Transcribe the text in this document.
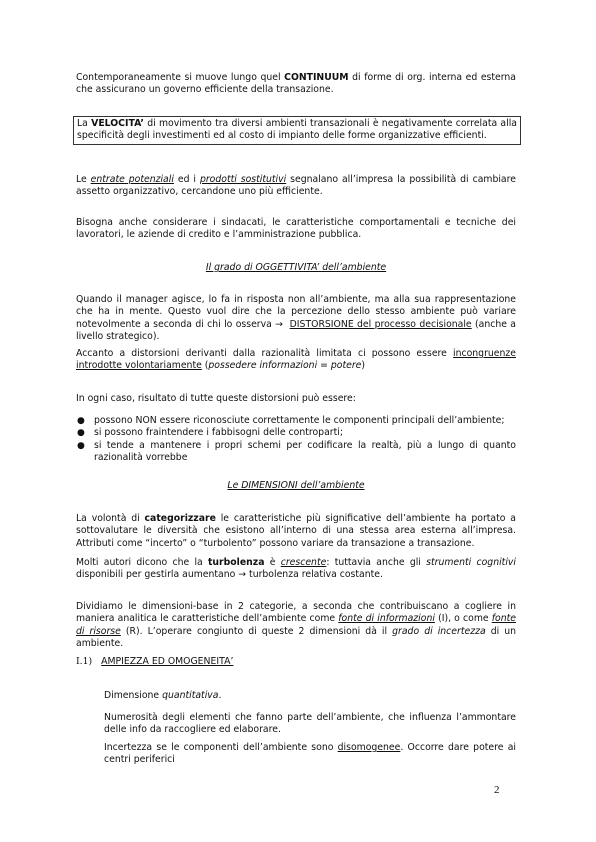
Contemporaneamente si muove lungo quel CONTINUUM di forme di org. interna ed esterna che assicurano un governo efficiente della transazione.

La VELOCITA’ di movimento tra diversi ambienti transazionali è negativamente correlata alla specificità degli investimenti ed al costo di impianto delle forme organizzative efficienti.

Le entrate potenziali ed i prodotti sostitutivi segnalano all’impresa la possibilità di cambiare assetto organizzativo, cercandone uno più efficiente.

Bisogna anche considerare i sindacati, le caratteristiche comportamentali e tecniche dei lavoratori, le aziende di credito e l’amministrazione pubblica.

Il grado di OGGETTIVITA’ dell’ambiente

Quando il manager agisce, lo fa in risposta non all’ambiente, ma alla sua rappresentazione che ha in mente. Questo vuol dire che la percezione dello stesso ambiente può variare notevolmente a seconda di chi lo osserva → DISTORSIONE del processo decisionale (anche a livello strategico).

Accanto a distorsioni derivanti dalla razionalità limitata ci possono essere incongruenze introdotte volontariamente (possedere informazioni = potere)

In ogni caso, risultato di tutte queste distorsioni può essere:

● possono NON essere riconosciute correttamente le componenti principali dell’ambiente;
● si possono fraintendere i fabbisogni delle controparti;
● si tende a mantenere i propri schemi per codificare la realtà, più a lungo di quanto razionalità vorrebbe

Le DIMENSIONI dell’ambiente

La volontà di categorizzare le caratteristiche più significative dell’ambiente ha portato a sottovalutare le diversità che esistono all’interno di una stessa area esterna all’impresa. Attributi come “incerto” o “turbolento” possono variare da transazione a transazione.

Molti autori dicono che la turbolenza è crescente: tuttavia anche gli strumenti cognitivi disponibili per gestirla aumentano → turbolenza relativa costante.

Dividiamo le dimensioni-base in 2 categorie, a seconda che contribuiscano a cogliere in maniera analitica le caratteristiche dell’ambiente come fonte di informazioni (I), o come fonte di risorse (R). L’operare congiunto di queste 2 dimensioni dà il grado di incertezza di un ambiente.

I.1) AMPIEZZA ED OMOGENEITA’

Dimensione quantitativa.

Numerosità degli elementi che fanno parte dell’ambiente, che influenza l’ammontare delle info da raccogliere ed elaborare.

Incertezza se le componenti dell’ambiente sono disomogenee. Occorre dare potere ai centri periferici

2
